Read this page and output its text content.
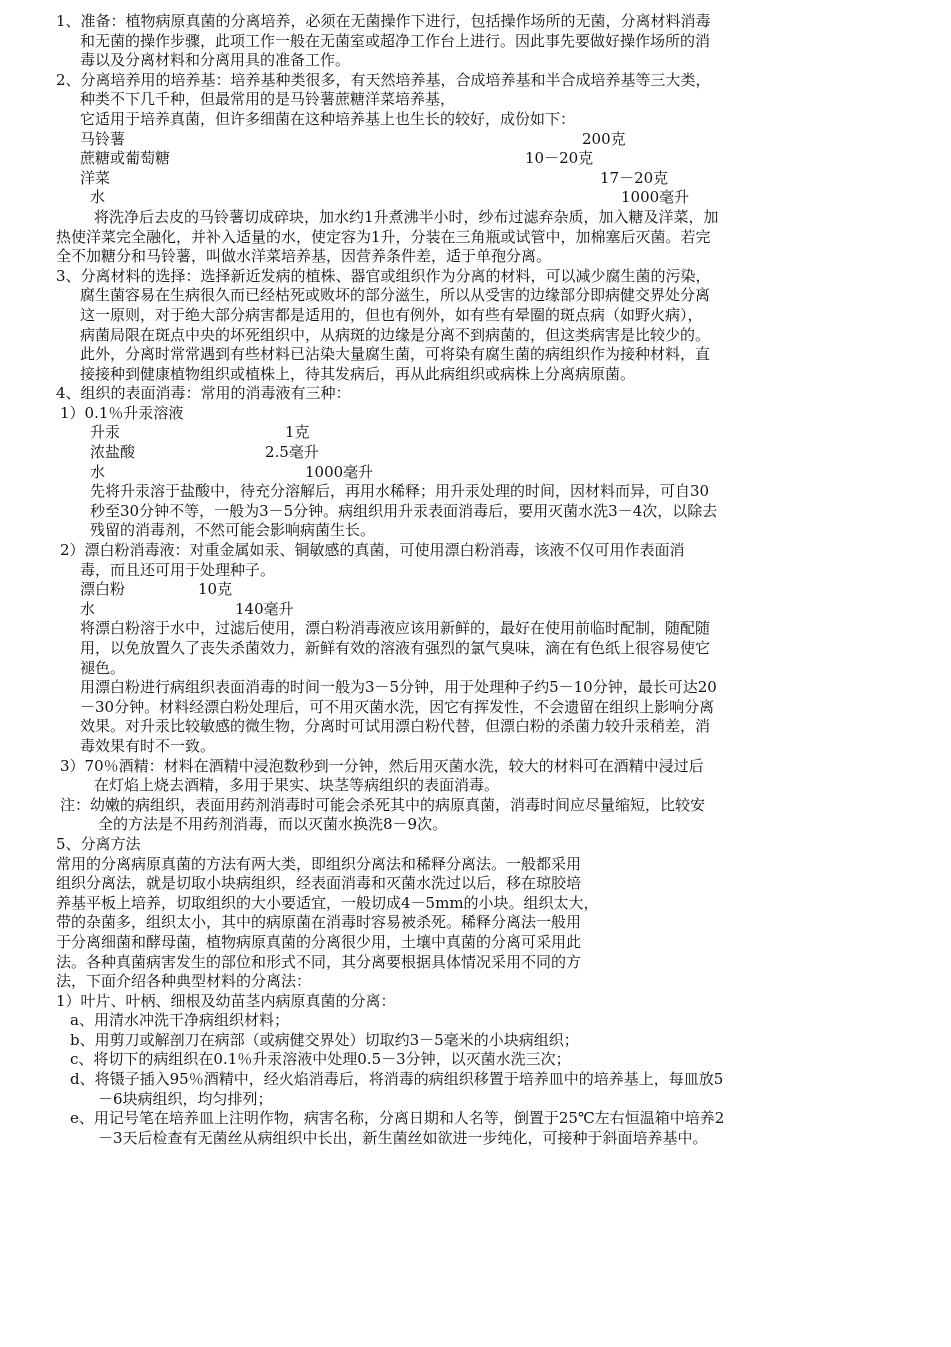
1、准备：植物病原真菌的分离培养，必须在无菌操作下进行，包括操作场所的无菌，分离材料消毒
和无菌的操作步骤，此项工作一般在无菌室或超净工作台上进行。因此事先要做好操作场所的消
毒以及分离材料和分离用具的准备工作。
2、分离培养用的培养基：培养基种类很多，有天然培养基，合成培养基和半合成培养基等三大类，
种类不下几千种，但最常用的是马铃薯蔗糖洋菜培养基，
它适用于培养真菌，但许多细菌在这种培养基上也生长的较好，成份如下：
马铃薯	200克
蔗糖或葡萄糖	10－20克
洋菜	17－20克
水	1000毫升
将洗净后去皮的马铃薯切成碎块，加水约1升煮沸半小时，纱布过滤弃杂质，加入糖及洋菜，加
热使洋菜完全融化，并补入适量的水，使定容为1升，分装在三角瓶或试管中，加棉塞后灭菌。若完
全不加糖分和马铃薯，叫做水洋菜培养基，因营养条件差，适于单孢分离。
3、分离材料的选择：选择新近发病的植株、器官或组织作为分离的材料，可以减少腐生菌的污染，
腐生菌容易在生病很久而已经枯死或败坏的部分滋生，所以从受害的边缘部分即病健交界处分离
这一原则，对于绝大部分病害都是适用的，但也有例外，如有些有晕圈的斑点病（如野火病），
病菌局限在斑点中央的坏死组织中，从病斑的边缘是分离不到病菌的，但这类病害是比较少的。
此外，分离时常常遇到有些材料已沾染大量腐生菌，可将染有腐生菌的病组织作为接种材料，直
接接种到健康植物组织或植株上，待其发病后，再从此病组织或病株上分离病原菌。
4、组织的表面消毒：常用的消毒液有三种：
1）0.1％升汞溶液
升汞	1克
浓盐酸	2.5毫升
水	1000毫升
先将升汞溶于盐酸中，待充分溶解后，再用水稀释；用升汞处理的时间，因材料而异，可自30
秒至30分钟不等，一般为3－5分钟。病组织用升汞表面消毒后，要用灭菌水洗3－4次，以除去
残留的消毒剂，不然可能会影响病菌生长。
2）漂白粉消毒液：对重金属如汞、铜敏感的真菌，可使用漂白粉消毒，该液不仅可用作表面消
毒，而且还可用于处理种子。
漂白粉	10克
水	140毫升
将漂白粉溶于水中，过滤后使用，漂白粉消毒液应该用新鲜的，最好在使用前临时配制，随配随
用，以免放置久了丧失杀菌效力，新鲜有效的溶液有强烈的氯气臭味，滴在有色纸上很容易使它
褪色。
用漂白粉进行病组织表面消毒的时间一般为3－5分钟，用于处理种子约5－10分钟，最长可达20
－30分钟。材料经漂白粉处理后，可不用灭菌水洗，因它有挥发性，不会遗留在组织上影响分离
效果。对升汞比较敏感的微生物，分离时可试用漂白粉代替，但漂白粉的杀菌力较升汞稍差，消
毒效果有时不一致。
3）70％酒精：材料在酒精中浸泡数秒到一分钟，然后用灭菌水洗，较大的材料可在酒精中浸过后
在灯焰上烧去酒精，多用于果实、块茎等病组织的表面消毒。
注：幼嫩的病组织，表面用药剂消毒时可能会杀死其中的病原真菌，消毒时间应尽量缩短，比较安
全的方法是不用药剂消毒，而以灭菌水换洗8－9次。
5、分离方法
常用的分离病原真菌的方法有两大类，即组织分离法和稀释分离法。一般都采用
组织分离法，就是切取小块病组织，经表面消毒和灭菌水洗过以后，移在琼胶培
养基平板上培养，切取组织的大小要适宜，一般切成4－5mm的小块。组织太大，
带的杂菌多，组织太小，其中的病原菌在消毒时容易被杀死。稀释分离法一般用
于分离细菌和酵母菌，植物病原真菌的分离很少用，土壤中真菌的分离可采用此
法。各种真菌病害发生的部位和形式不同，其分离要根据具体情况采用不同的方
法，下面介绍各种典型材料的分离法：
1）叶片、叶柄、细根及幼苗茎内病原真菌的分离：
a、用清水冲洗干净病组织材料；
b、用剪刀或解剖刀在病部（或病健交界处）切取约3－5毫米的小块病组织；
c、将切下的病组织在0.1％升汞溶液中处理0.5－3分钟，以灭菌水洗三次；
d、将镊子插入95％酒精中，经火焰消毒后，将消毒的病组织移置于培养皿中的培养基上，每皿放5
－6块病组织，均匀排列；
e、用记号笔在培养皿上注明作物，病害名称，分离日期和人名等，倒置于25℃左右恒温箱中培养2
－3天后检查有无菌丝从病组织中长出，新生菌丝如欲进一步纯化，可接种于斜面培养基中。
